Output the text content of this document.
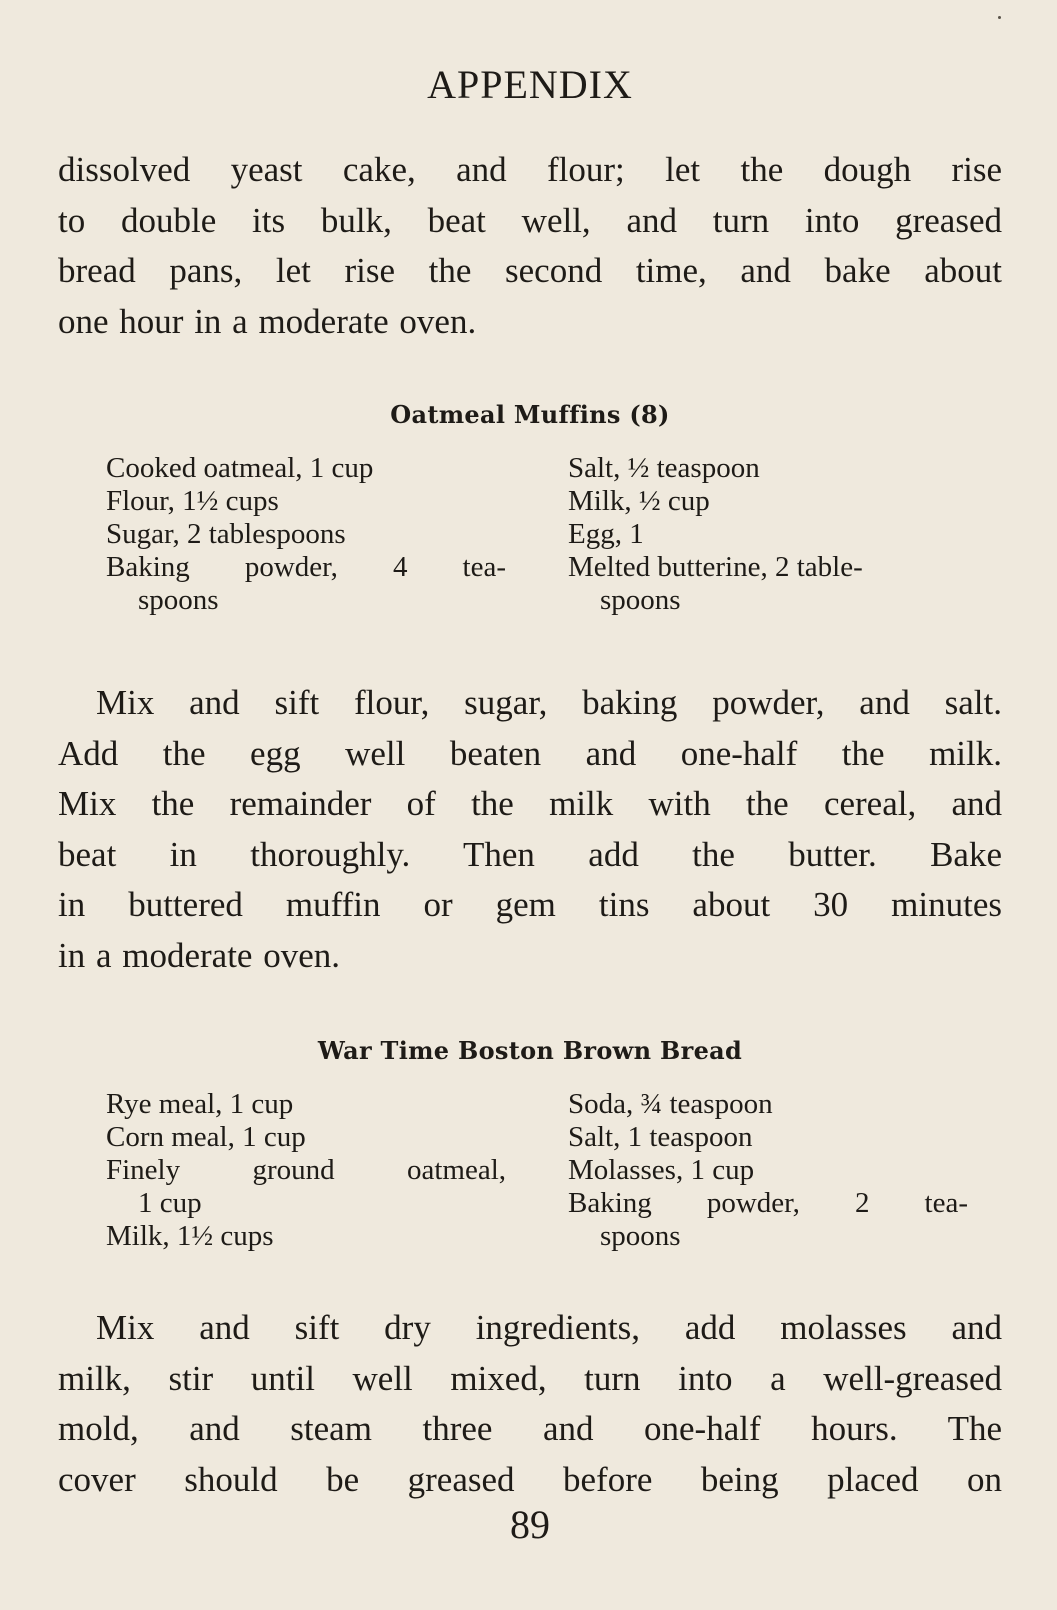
APPENDIX

dissolved yeast cake, and flour; let the dough rise
to double its bulk, beat well, and turn into greased
bread pans, let rise the second time, and bake about
one hour in a moderate oven.

Oatmeal Muffins (8)
Cooked oatmeal, 1 cup
Flour, 1½ cups
Sugar, 2 tablespoons
Baking powder, 4 tea-
spoons
Salt, ½ teaspoon
Milk, ½ cup
Egg, 1
Melted butterine, 2 table-
spoons

Mix and sift flour, sugar, baking powder, and salt.
Add the egg well beaten and one-half the milk.
Mix the remainder of the milk with the cereal, and
beat in thoroughly. Then add the butter. Bake
in buttered muffin or gem tins about 30 minutes
in a moderate oven.

War Time Boston Brown Bread
Rye meal, 1 cup
Corn meal, 1 cup
Finely ground oatmeal,
1 cup
Milk, 1½ cups
Soda, ¾ teaspoon
Salt, 1 teaspoon
Molasses, 1 cup
Baking powder, 2 tea-
spoons

Mix and sift dry ingredients, add molasses and
milk, stir until well mixed, turn into a well-greased
mold, and steam three and one-half hours. The
cover should be greased before being placed on

89
